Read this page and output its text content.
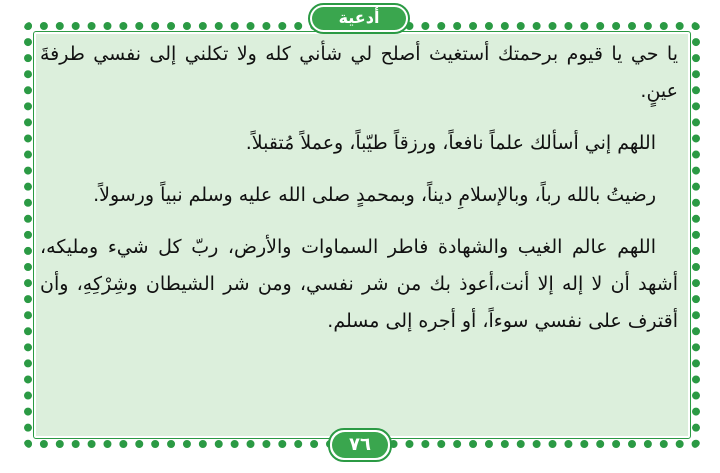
يا حي يا قيوم برحمتك أستغيث أصلح لي شأني كله ولا تكلني إلى نفسي طرفةَ عينٍ.

اللهم إني أسألك علماً نافعاً، ورزقاً طيّباً، وعملاً مُتقبلاً.

رضيتُ بالله رباً، وبالإسلامِ ديناً، وبمحمدٍ صلى الله عليه وسلم نبياً ورسولاً.

اللهم عالم الغيب والشهادة فاطر السماوات والأرض، ربّ كل شيء ومليكه، أشهد أن لا إله إلا أنت،أعوذ بك من شر نفسي، ومن شر الشيطان وشِرْكِهِ، وأن أقترف على نفسي سوءاً، أو أجره إلى مسلم.

أدعية
٧٦
